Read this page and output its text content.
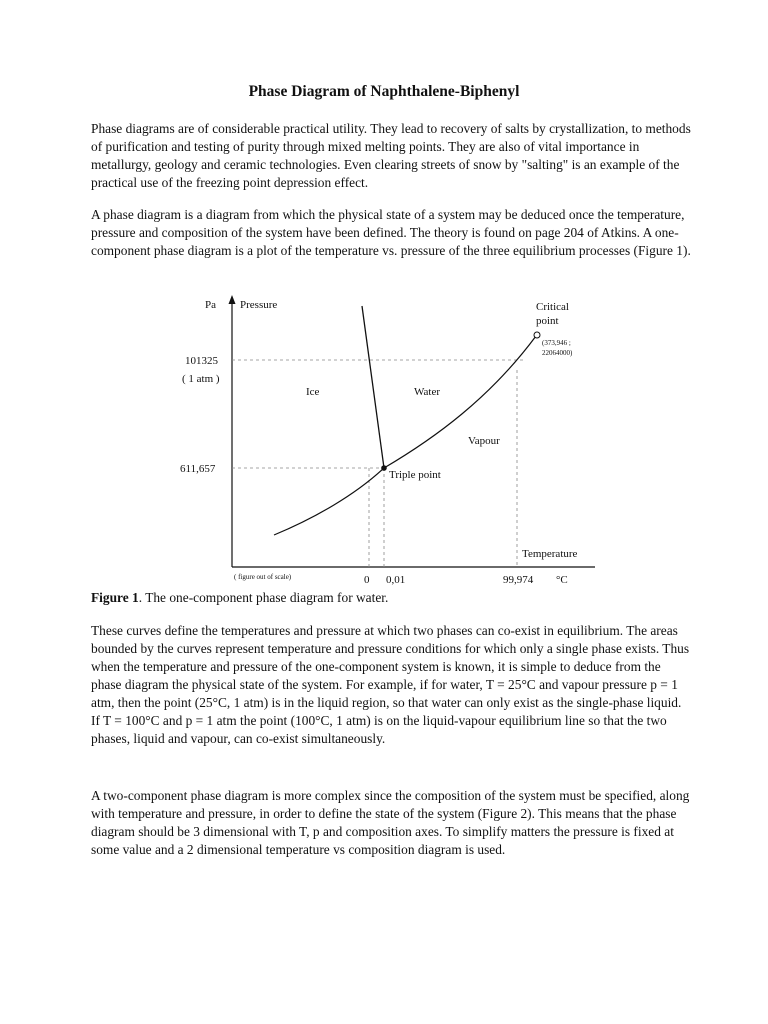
Phase Diagram of Naphthalene-Biphenyl

Phase diagrams are of considerable practical utility. They lead to recovery of salts by crystallization, to methods of purification and testing of purity through mixed melting points. They are also of vital importance in metallurgy, geology and ceramic technologies. Even clearing streets of snow by "salting" is an example of the practical use of the freezing point depression effect.

A phase diagram is a diagram from which the physical state of a system may be deduced once the temperature, pressure and composition of the system have been defined. The theory is found on page 204 of Atkins. A one-component phase diagram is a plot of the temperature vs. pressure of the three equilibrium processes (Figure 1).

Pa Pressure
Temperature
°C
101325
( 1 atm )
611,657
0 0,01	99,974
Ice	Water
Vapour
Triple point
Critical
point
(373,946 ;
22064000)
( figure out of scale)
Figure 1. The one-component phase diagram for water.

These curves define the temperatures and pressure at which two phases can co-exist in equilibrium. The areas bounded by the curves represent temperature and pressure conditions for which only a single phase exists. Thus when the temperature and pressure of the one-component system is known, it is simple to deduce from the phase diagram the physical state of the system. For example, if for water, T = 25°C and vapour pressure p = 1 atm, then the point (25°C, 1 atm) is in the liquid region, so that water can only exist as the single-phase liquid. If T = 100°C and p = 1 atm the point (100°C, 1 atm) is on the liquid-vapour equilibrium line so that the two phases, liquid and vapour, can co-exist simultaneously.

A two-component phase diagram is more complex since the composition of the system must be specified, along with temperature and pressure, in order to define the state of the system (Figure 2). This means that the phase diagram should be 3 dimensional with T, p and composition axes. To simplify matters the pressure is fixed at some value and a 2 dimensional temperature vs composition diagram is used.
